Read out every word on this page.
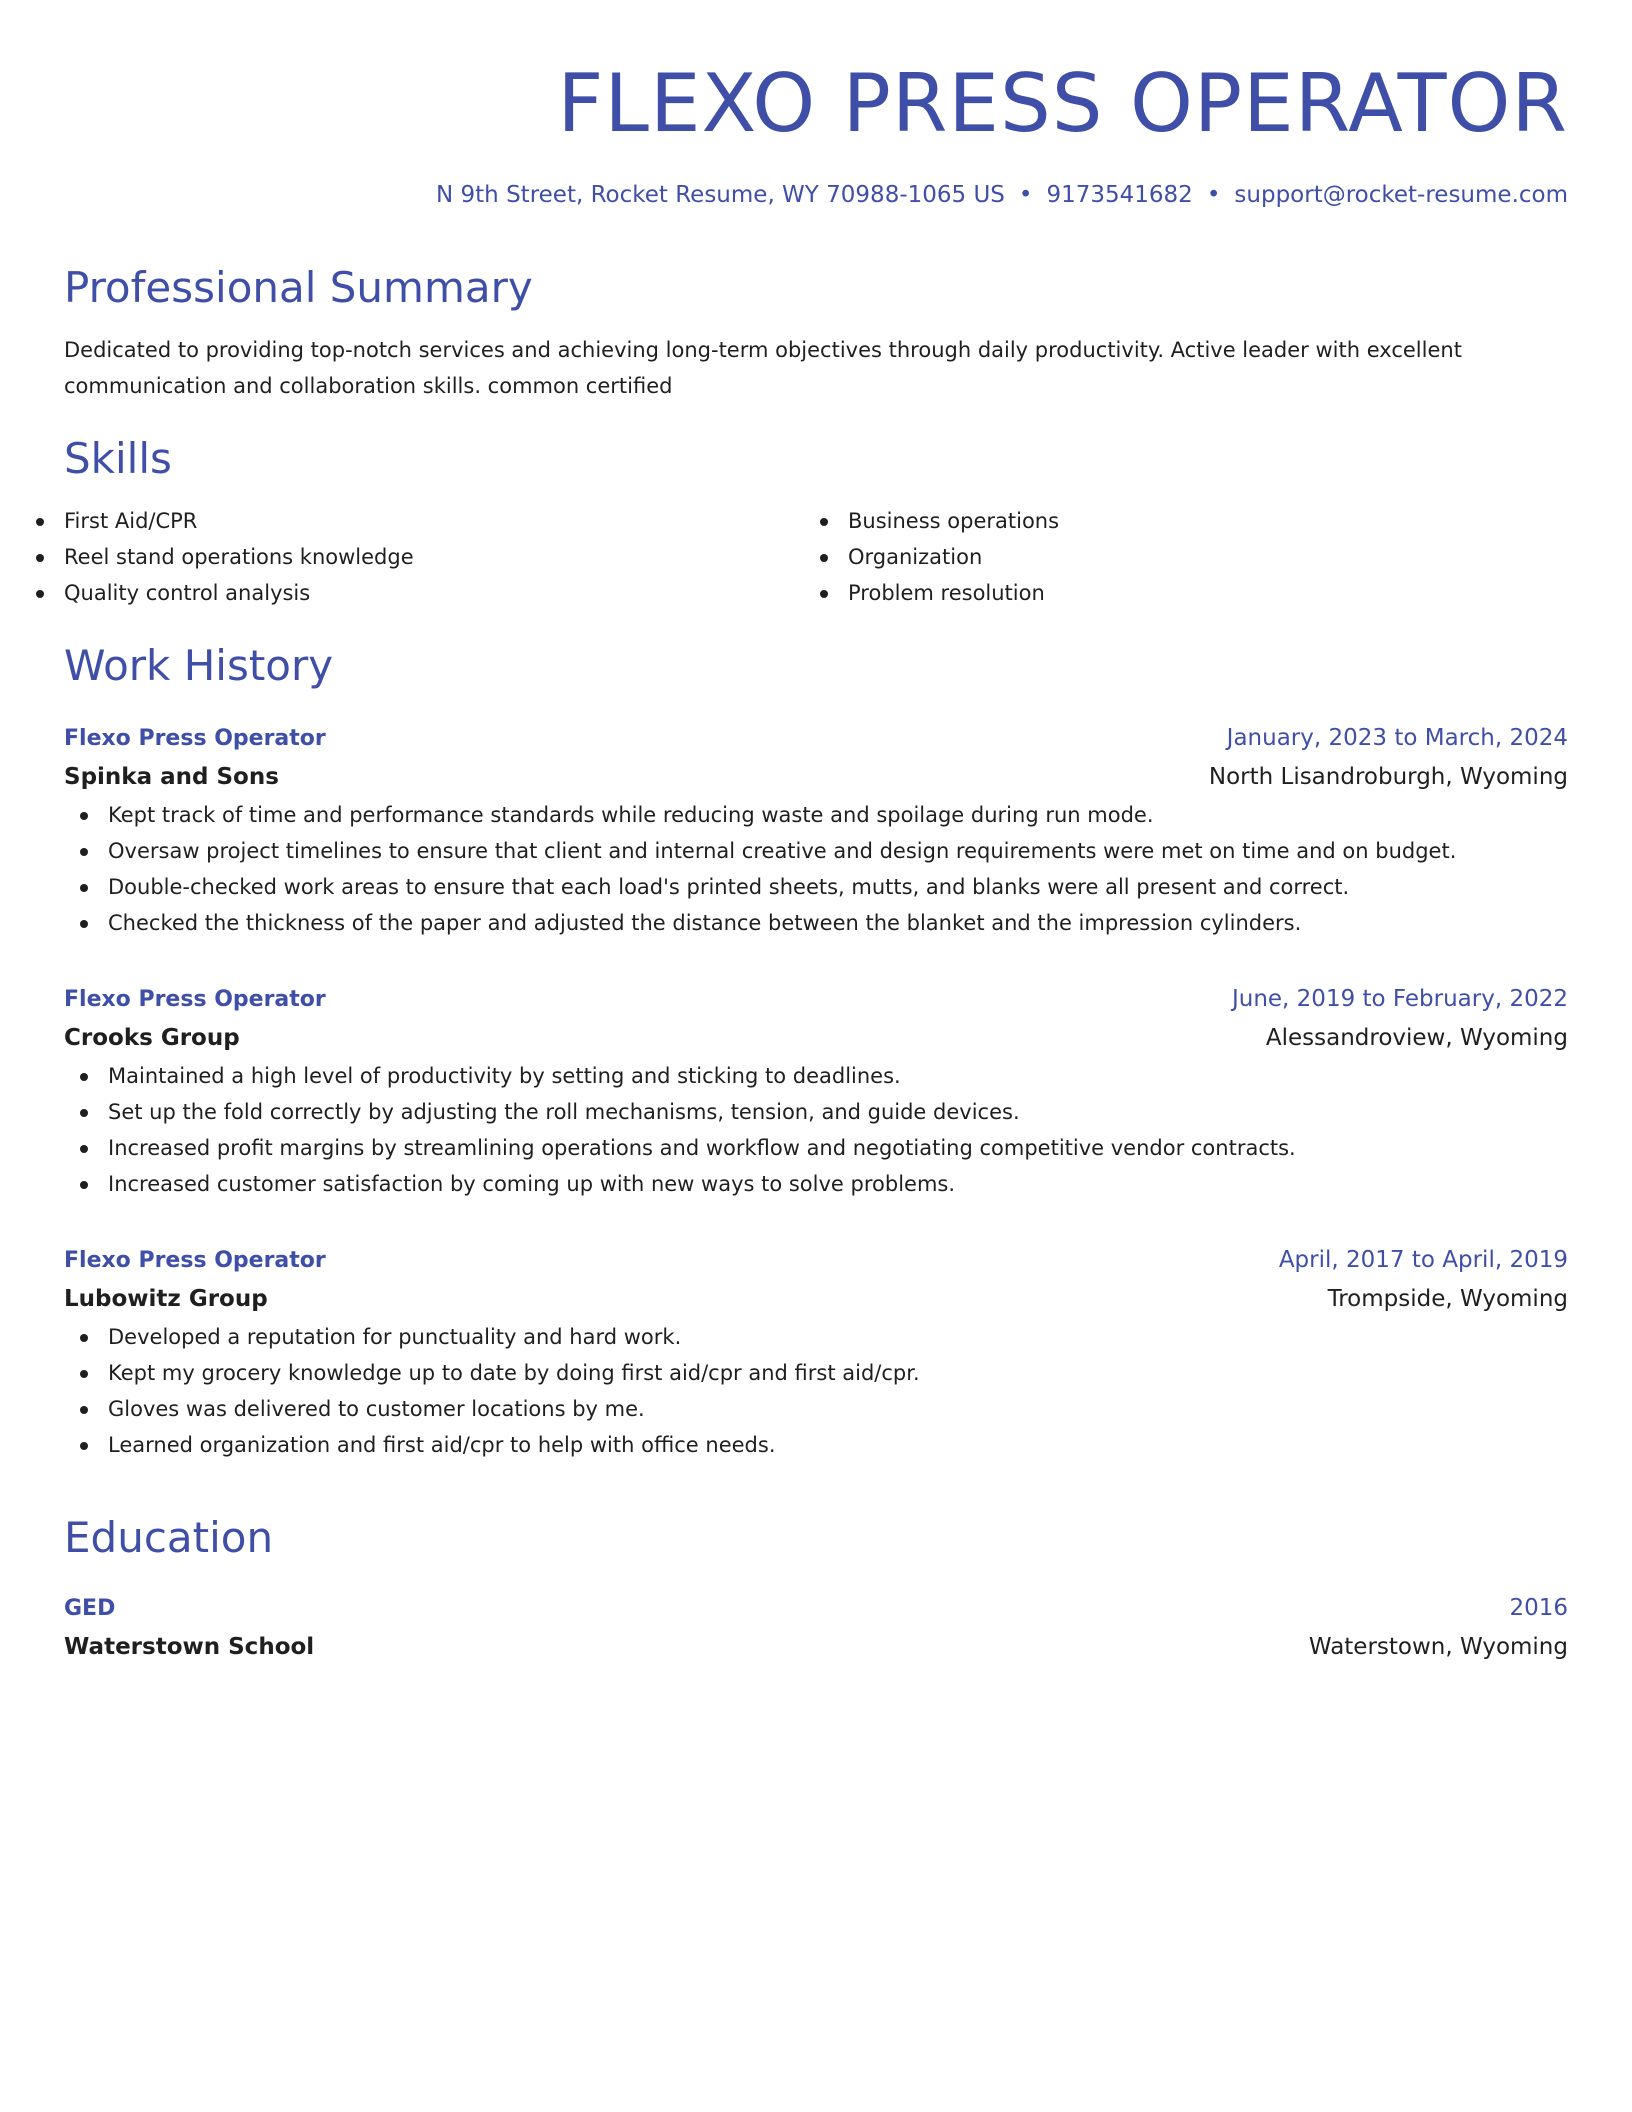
FLEXO PRESS OPERATOR
N 9th Street, Rocket Resume, WY 70988-1065 US • 9173541682 • support@rocket-resume.com
Professional Summary
Dedicated to providing top-notch services and achieving long-term objectives through daily productivity. Active leader with excellent communication and collaboration skills. common certified
Skills
First Aid/CPR
Reel stand operations knowledge
Quality control analysis
Business operations
Organization
Problem resolution
Work History
Flexo Press Operator	January, 2023 to March, 2024
Spinka and Sons	North Lisandroburgh, Wyoming
Kept track of time and performance standards while reducing waste and spoilage during run mode.
Oversaw project timelines to ensure that client and internal creative and design requirements were met on time and on budget.
Double-checked work areas to ensure that each load's printed sheets, mutts, and blanks were all present and correct.
Checked the thickness of the paper and adjusted the distance between the blanket and the impression cylinders.
Flexo Press Operator	June, 2019 to February, 2022
Crooks Group	Alessandroview, Wyoming
Maintained a high level of productivity by setting and sticking to deadlines.
Set up the fold correctly by adjusting the roll mechanisms, tension, and guide devices.
Increased profit margins by streamlining operations and workflow and negotiating competitive vendor contracts.
Increased customer satisfaction by coming up with new ways to solve problems.
Flexo Press Operator	April, 2017 to April, 2019
Lubowitz Group	Trompside, Wyoming
Developed a reputation for punctuality and hard work.
Kept my grocery knowledge up to date by doing first aid/cpr and first aid/cpr.
Gloves was delivered to customer locations by me.
Learned organization and first aid/cpr to help with office needs.
Education
GED	2016
Waterstown School	Waterstown, Wyoming
